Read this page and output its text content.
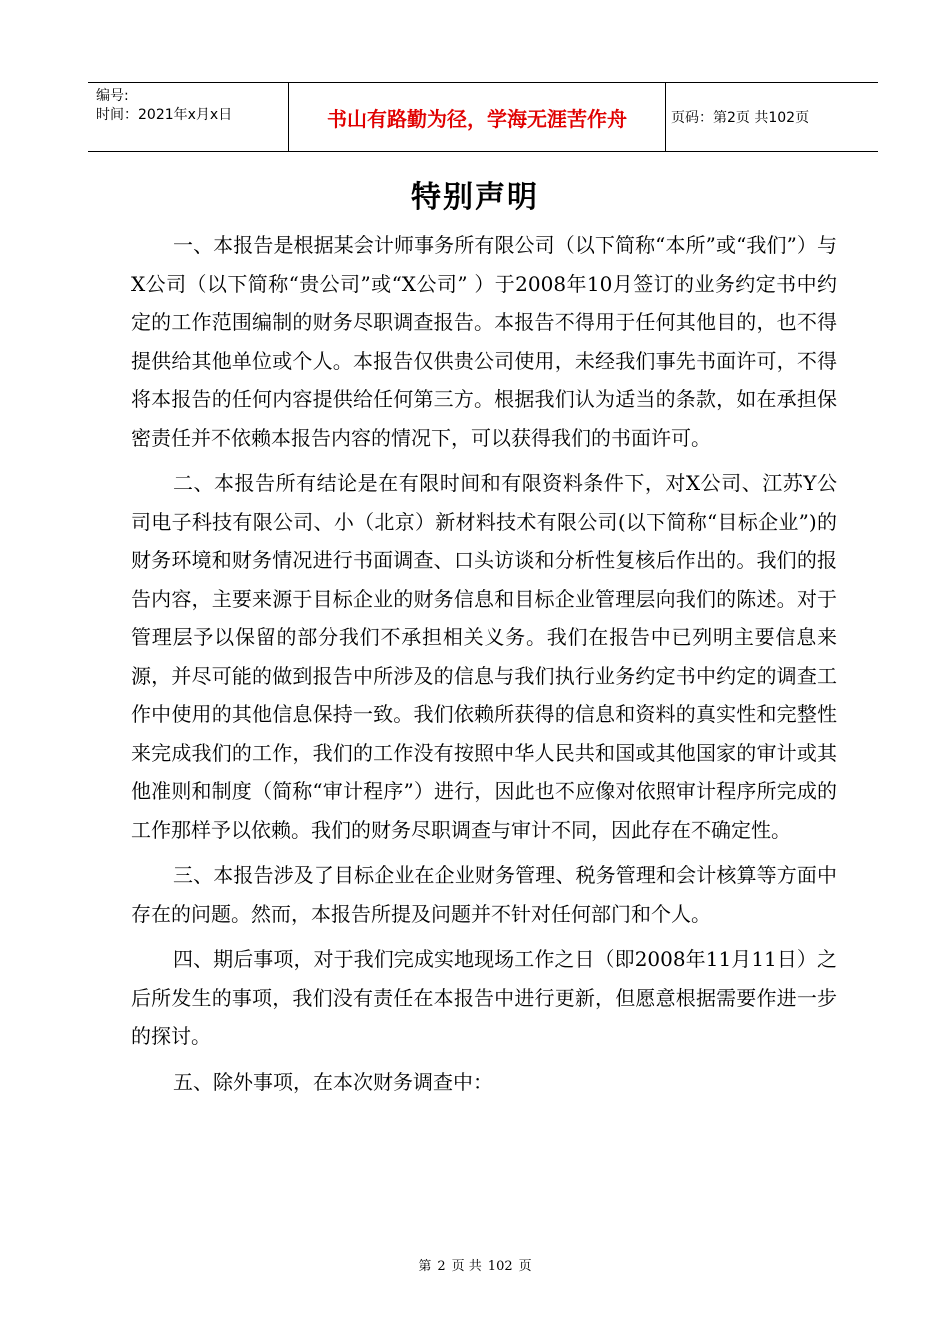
编号:
时间：2021年x月x日	书山有路勤为径，学海无涯苦作舟	页码：第2页 共102页
特别声明

一、本报告是根据某会计师事务所有限公司（以下简称“本所”或“我们”）与X公司（以下简称“贵公司”或“X公司” ）于2008年10月签订的业务约定书中约定的工作范围编制的财务尽职调查报告。本报告不得用于任何其他目的，也不得提供给其他单位或个人。本报告仅供贵公司使用，未经我们事先书面许可，不得将本报告的任何内容提供给任何第三方。根据我们认为适当的条款，如在承担保密责任并不依赖本报告内容的情况下，可以获得我们的书面许可。

二、本报告所有结论是在有限时间和有限资料条件下，对X公司、江苏Y公司电子科技有限公司、小（北京）新材料技术有限公司(以下简称“目标企业”)的财务环境和财务情况进行书面调查、口头访谈和分析性复核后作出的。我们的报告内容，主要来源于目标企业的财务信息和目标企业管理层向我们的陈述。对于管理层予以保留的部分我们不承担相关义务。我们在报告中已列明主要信息来源，并尽可能的做到报告中所涉及的信息与我们执行业务约定书中约定的调查工作中使用的其他信息保持一致。我们依赖所获得的信息和资料的真实性和完整性来完成我们的工作，我们的工作没有按照中华人民共和国或其他国家的审计或其他准则和制度（简称“审计程序”）进行，因此也不应像对依照审计程序所完成的工作那样予以依赖。我们的财务尽职调查与审计不同，因此存在不确定性。

三、本报告涉及了目标企业在企业财务管理、税务管理和会计核算等方面中存在的问题。然而，本报告所提及问题并不针对任何部门和个人。

四、期后事项，对于我们完成实地现场工作之日（即2008年11月11日）之后所发生的事项，我们没有责任在本报告中进行更新，但愿意根据需要作进一步的探讨。

五、除外事项，在本次财务调查中：

第 2 页 共 102 页
